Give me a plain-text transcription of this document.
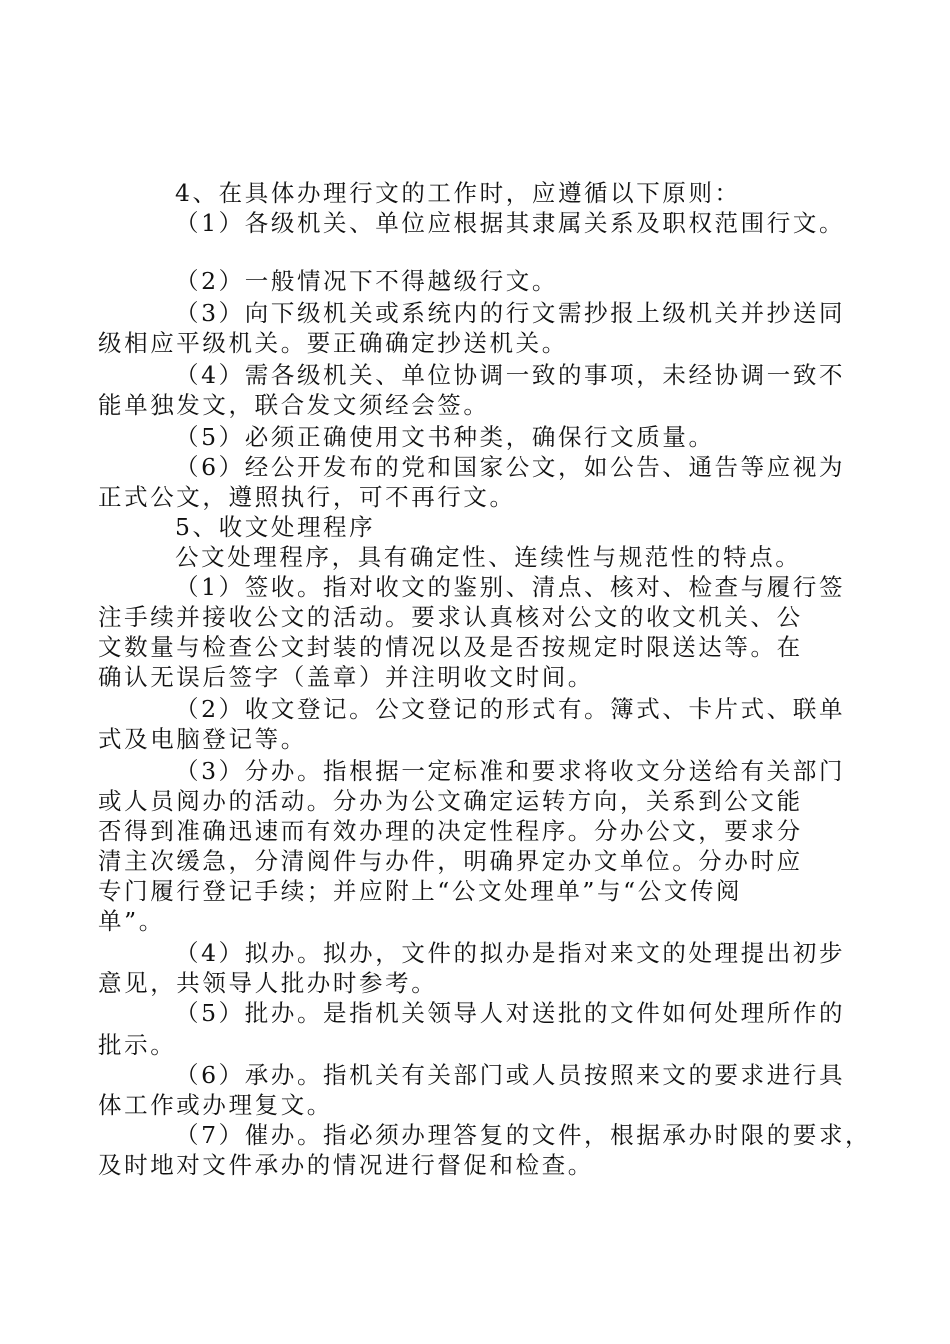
4、在具体办理行文的工作时，应遵循以下原则：
（1）各级机关、单位应根据其隶属关系及职权范围行文。
（2）一般情况下不得越级行文。
（3）向下级机关或系统内的行文需抄报上级机关并抄送同
级相应平级机关。要正确确定抄送机关。
（4）需各级机关、单位协调一致的事项，未经协调一致不
能单独发文，联合发文须经会签。
（5）必须正确使用文书种类，确保行文质量。
（6）经公开发布的党和国家公文，如公告、通告等应视为
正式公文，遵照执行，可不再行文。
5、收文处理程序
公文处理程序，具有确定性、连续性与规范性的特点。
（1）签收。指对收文的鉴别、清点、核对、检查与履行签
注手续并接收公文的活动。要求认真核对公文的收文机关、公
文数量与检查公文封装的情况以及是否按规定时限送达等。在
确认无误后签字（盖章）并注明收文时间。
（2）收文登记。公文登记的形式有。簿式、卡片式、联单
式及电脑登记等。
（3）分办。指根据一定标准和要求将收文分送给有关部门
或人员阅办的活动。分办为公文确定运转方向，关系到公文能
否得到准确迅速而有效办理的决定性程序。分办公文，要求分
清主次缓急，分清阅件与办件，明确界定办文单位。分办时应
专门履行登记手续；并应附上“公文处理单”与“公文传阅
单”。
（4）拟办。拟办，文件的拟办是指对来文的处理提出初步
意见，共领导人批办时参考。
（5）批办。是指机关领导人对送批的文件如何处理所作的
批示。
（6）承办。指机关有关部门或人员按照来文的要求进行具
体工作或办理复文。
（7）催办。指必须办理答复的文件，根据承办时限的要求，
及时地对文件承办的情况进行督促和检查。
